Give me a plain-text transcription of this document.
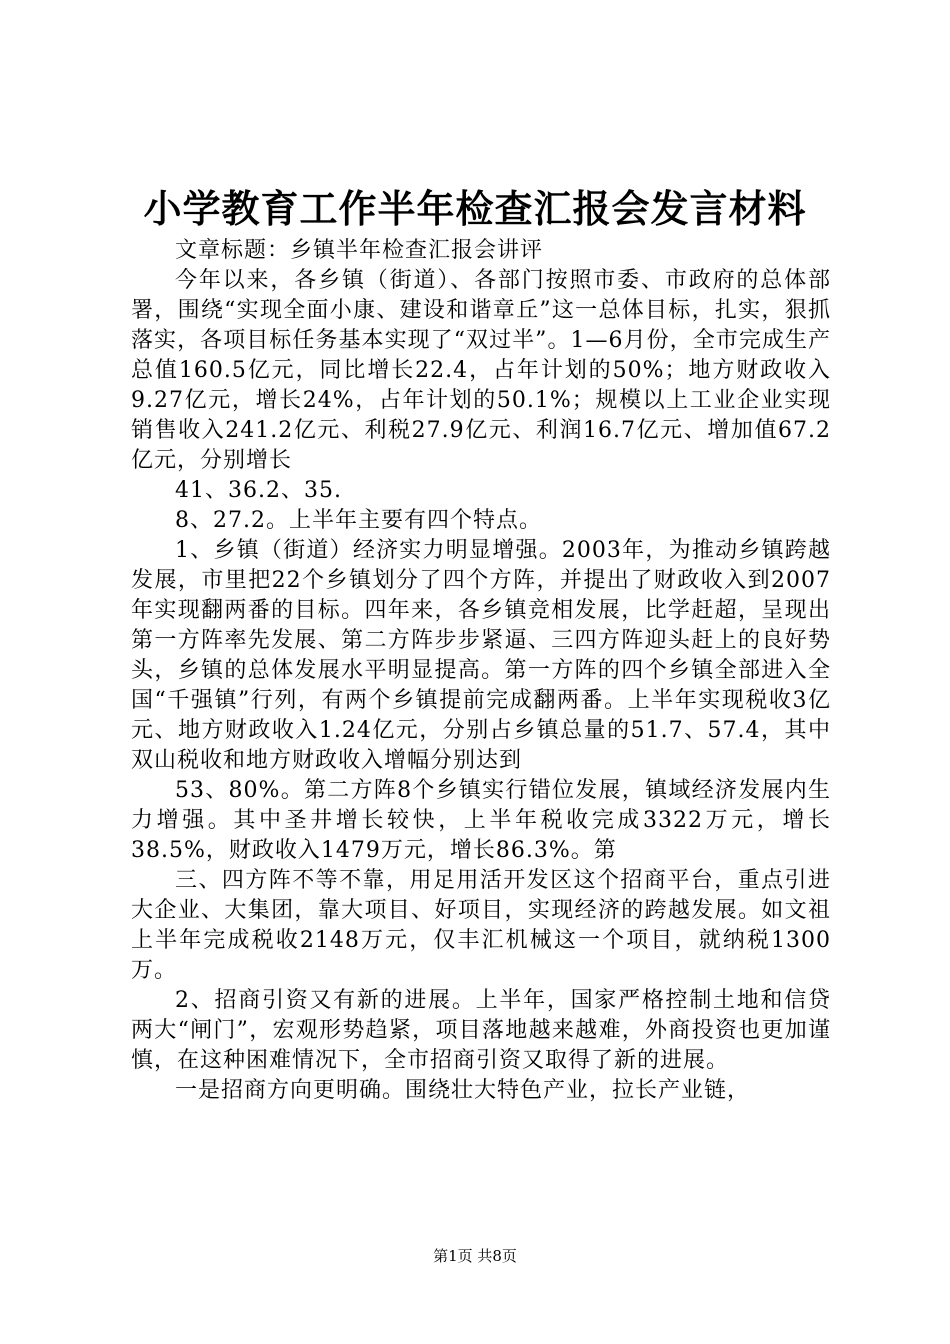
小学教育工作半年检查汇报会发言材料

文章标题：乡镇半年检查汇报会讲评

今年以来，各乡镇（街道）、各部门按照市委、市政府的总体部署，围绕“实现全面小康、建设和谐章丘”这一总体目标，扎实，狠抓落实，各项目标任务基本实现了“双过半”。1—6月份，全市完成生产总值160.5亿元，同比增长22.4，占年计划的50%；地方财政收入9.27亿元，增长24%，占年计划的50.1%；规模以上工业企业实现销售收入241.2亿元、利税27.9亿元、利润16.7亿元、增加值67.2亿元，分别增长

41、36.2、35.

8、27.2。上半年主要有四个特点。

1、乡镇（街道）经济实力明显增强。2003年，为推动乡镇跨越发展，市里把22个乡镇划分了四个方阵，并提出了财政收入到2007年实现翻两番的目标。四年来，各乡镇竞相发展，比学赶超，呈现出第一方阵率先发展、第二方阵步步紧逼、三四方阵迎头赶上的良好势头，乡镇的总体发展水平明显提高。第一方阵的四个乡镇全部进入全国“千强镇”行列，有两个乡镇提前完成翻两番。上半年实现税收3亿元、地方财政收入1.24亿元，分别占乡镇总量的51.7、57.4，其中双山税收和地方财政收入增幅分别达到

53、80%。第二方阵8个乡镇实行错位发展，镇域经济发展内生力增强。其中圣井增长较快，上半年税收完成3322万元，增长38.5%，财政收入1479万元，增长86.3%。第

三、四方阵不等不靠，用足用活开发区这个招商平台，重点引进大企业、大集团，靠大项目、好项目，实现经济的跨越发展。如文祖上半年完成税收2148万元，仅丰汇机械这一个项目，就纳税1300万。

2、招商引资又有新的进展。上半年，国家严格控制土地和信贷两大“闸门”，宏观形势趋紧，项目落地越来越难，外商投资也更加谨慎，在这种困难情况下，全市招商引资又取得了新的进展。

一是招商方向更明确。围绕壮大特色产业，拉长产业链，

第1页 共8页
